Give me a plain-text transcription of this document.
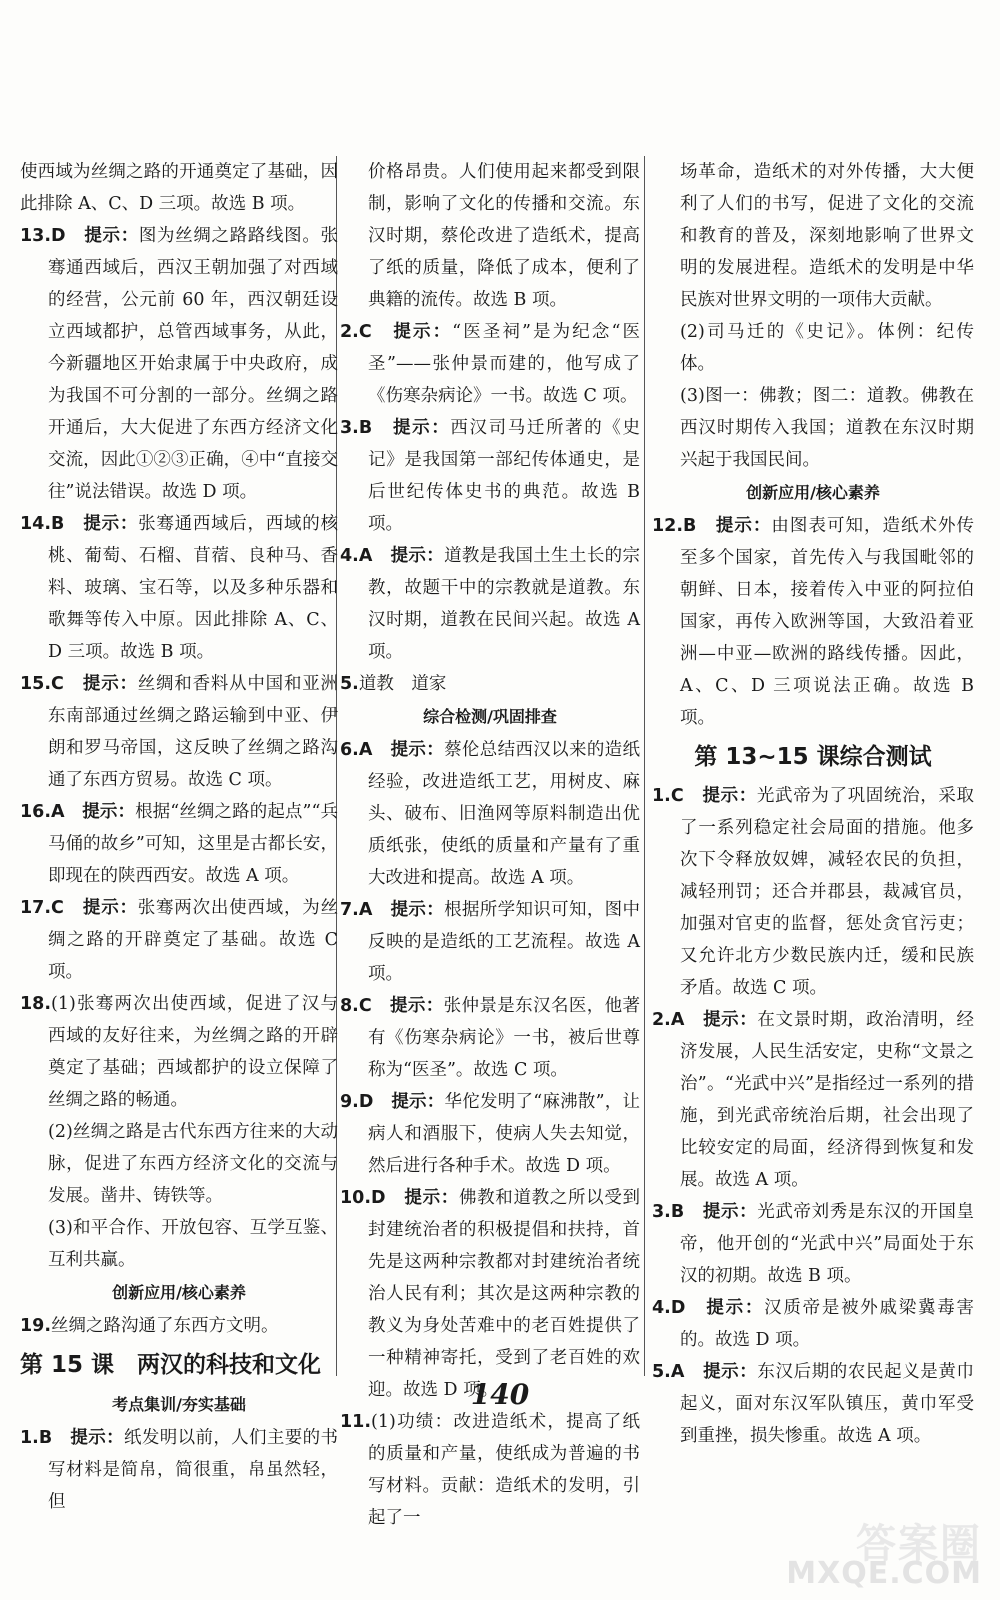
使西域为丝绸之路的开通奠定了基础，因此排除 A、C、D 三项。故选 B 项。

13.D　 提示：图为丝绸之路路线图。张骞通西域后，西汉王朝加强了对西域的经营，公元前 60 年，西汉朝廷设立西域都护，总管西域事务，从此，今新疆地区开始隶属于中央政府，成为我国不可分割的一部分。丝绸之路开通后，大大促进了东西方经济文化交流，因此①②③正确，④中“直接交往”说法错误。故选 D 项。

14.B　 提示：张骞通西域后，西域的核桃、葡萄、石榴、苜蓿、良种马、香料、玻璃、宝石等，以及多种乐器和歌舞等传入中原。因此排除 A、C、D 三项。故选 B 项。

15.C　 提示：丝绸和香料从中国和亚洲东南部通过丝绸之路运输到中亚、伊朗和罗马帝国，这反映了丝绸之路沟通了东西方贸易。故选 C 项。

16.A　 提示：根据“丝绸之路的起点”“兵马俑的故乡”可知，这里是古都长安，即现在的陕西西安。故选 A 项。

17.C　 提示：张骞两次出使西域，为丝绸之路的开辟奠定了基础。故选 C项。

18.(1)张骞两次出使西域，促进了汉与西域的友好往来，为丝绸之路的开辟奠定了基础；西域都护的设立保障了丝绸之路的畅通。

(2)丝绸之路是古代东西方往来的大动脉，促进了东西方经济文化的交流与发展。凿井、铸铁等。

(3)和平合作、开放包容、互学互鉴、互利共赢。

创新应用/核心素养

19.丝绸之路沟通了东西方文明。

第 15 课　两汉的科技和文化

考点集训/夯实基础

1.B　 提示：纸发明以前，人们主要的书写材料是简帛，简很重，帛虽然轻，但

价格昂贵。人们使用起来都受到限制，影响了文化的传播和交流。东汉时期，蔡伦改进了造纸术，提高了纸的质量，降低了成本，便利了典籍的流传。故选 B 项。

2.C　 提示：“医圣祠”是为纪念“医圣”——张仲景而建的，他写成了《伤寒杂病论》一书。故选 C 项。

3.B　 提示：西汉司马迁所著的《史记》是我国第一部纪传体通史，是后世纪传体史书的典范。故选 B 项。

4.A　 提示：道教是我国土生土长的宗教，故题干中的宗教就是道教。东汉时期，道教在民间兴起。故选 A 项。

5.道教　道家

综合检测/巩固排查

6.A　 提示：蔡伦总结西汉以来的造纸经验，改进造纸工艺，用树皮、麻头、破布、旧渔网等原料制造出优质纸张，使纸的质量和产量有了重大改进和提高。故选 A 项。

7.A　 提示：根据所学知识可知，图中反映的是造纸的工艺流程。故选 A 项。

8.C　 提示：张仲景是东汉名医，他著有《伤寒杂病论》一书，被后世尊称为“医圣”。故选 C 项。

9.D　 提示：华佗发明了“麻沸散”，让病人和酒服下，使病人失去知觉，然后进行各种手术。故选 D 项。

10.D　 提示：佛教和道教之所以受到封建统治者的积极提倡和扶持，首先是这两种宗教都对封建统治者统治人民有利；其次是这两种宗教的教义为身处苦难中的老百姓提供了一种精神寄托，受到了老百姓的欢迎。故选 D 项。

11.(1)功绩：改进造纸术，提高了纸的质量和产量，使纸成为普遍的书写材料。贡献：造纸术的发明，引起了一

场革命，造纸术的对外传播，大大便利了人们的书写，促进了文化的交流和教育的普及，深刻地影响了世界文明的发展进程。造纸术的发明是中华民族对世界文明的一项伟大贡献。

(2)司马迁的《史记》。体例：纪传体。

(3)图一：佛教；图二：道教。佛教在西汉时期传入我国；道教在东汉时期兴起于我国民间。

创新应用/核心素养

12.B　 提示：由图表可知，造纸术外传至多个国家，首先传入与我国毗邻的朝鲜、日本，接着传入中亚的阿拉伯国家，再传入欧洲等国，大致沿着亚洲—中亚—欧洲的路线传播。因此，A、C、D 三项说法正确。故选 B 项。

第 13~15 课综合测试

1.C　 提示：光武帝为了巩固统治，采取了一系列稳定社会局面的措施。他多次下令释放奴婢，减轻农民的负担，减轻刑罚；还合并郡县，裁减官员，加强对官吏的监督，惩处贪官污吏；又允许北方少数民族内迁，缓和民族矛盾。故选 C 项。

2.A　 提示：在文景时期，政治清明，经济发展，人民生活安定，史称“文景之治”。“光武中兴”是指经过一系列的措施，到光武帝统治后期，社会出现了比较安定的局面，经济得到恢复和发展。故选 A 项。

3.B　 提示：光武帝刘秀是东汉的开国皇帝，他开创的“光武中兴”局面处于东汉的初期。故选 B 项。

4.D　 提示：汉质帝是被外戚梁冀毒害的。故选 D 项。

5.A　 提示：东汉后期的农民起义是黄巾起义，面对东汉军队镇压，黄巾军受到重挫，损失惨重。故选 A 项。

140
答案圈
MXQE.COM
